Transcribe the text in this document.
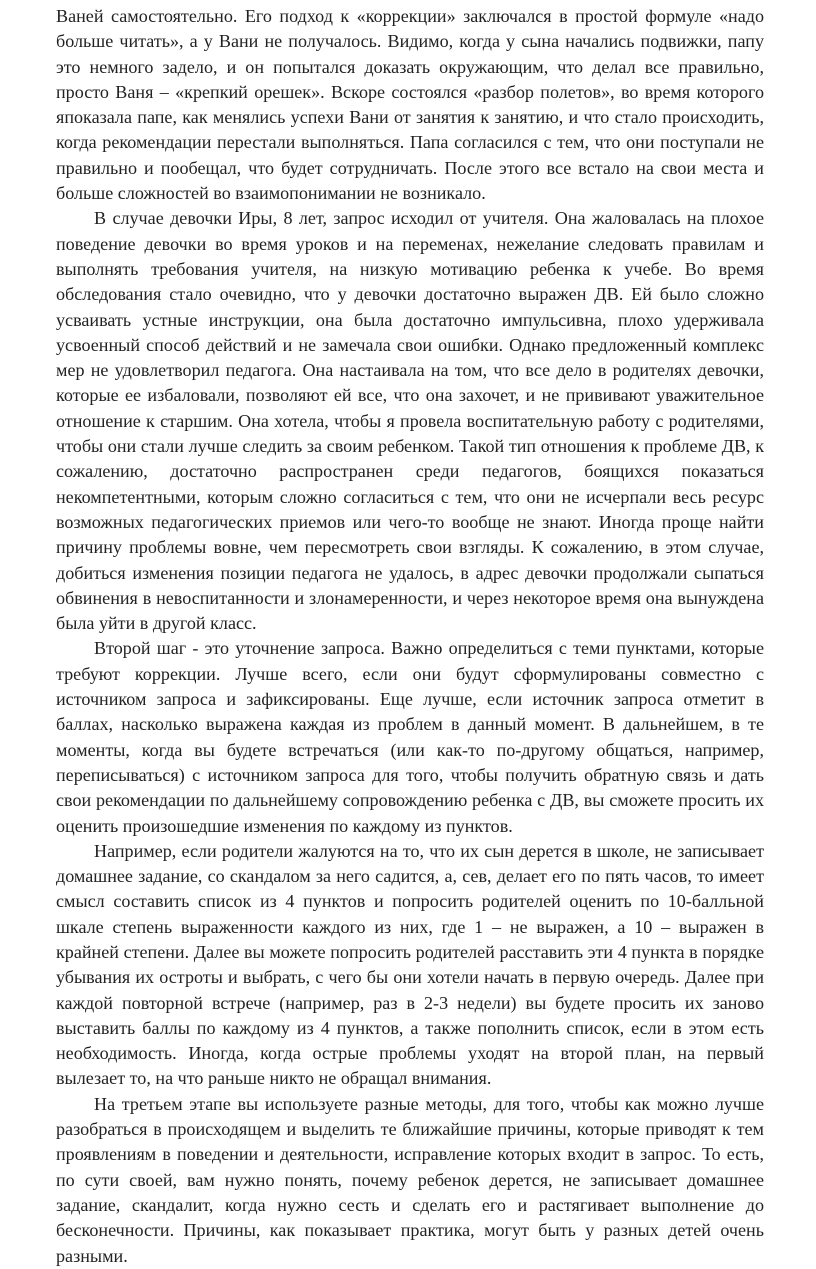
Ваней самостоятельно. Его подход к «коррекции» заключался в простой формуле «надо больше читать», а у Вани не получалось. Видимо, когда у сына начались подвижки, папу это немного задело, и он попытался доказать окружающим, что делал все правильно, просто Ваня – «крепкий орешек». Вскоре состоялся «разбор полетов», во время которого япоказала папе, как менялись успехи Вани от занятия к занятию, и что стало происходить, когда рекомендации перестали выполняться. Папа согласился с тем, что они поступали не правильно и пообещал, что будет сотрудничать. После этого все встало на свои места и больше сложностей во взаимопонимании не возникало.

В случае девочки Иры, 8 лет, запрос исходил от учителя. Она жаловалась на плохое поведение девочки во время уроков и на переменах, нежелание следовать правилам и выполнять требования учителя, на низкую мотивацию ребенка к учебе. Во время обследования стало очевидно, что у девочки достаточно выражен ДВ. Ей было сложно усваивать устные инструкции, она была достаточно импульсивна, плохо удерживала усвоенный способ действий и не замечала свои ошибки. Однако предложенный комплекс мер не удовлетворил педагога. Она настаивала на том, что все дело в родителях девочки, которые ее избаловали, позволяют ей все, что она захочет, и не прививают уважительное отношение к старшим. Она хотела, чтобы я провела воспитательную работу с родителями, чтобы они стали лучше следить за своим ребенком. Такой тип отношения к проблеме ДВ, к сожалению, достаточно распространен среди педагогов, боящихся показаться некомпетентными, которым сложно согласиться с тем, что они не исчерпали весь ресурс возможных педагогических приемов или чего-то вообще не знают. Иногда проще найти причину проблемы вовне, чем пересмотреть свои взгляды. К сожалению, в этом случае, добиться изменения позиции педагога не удалось, в адрес девочки продолжали сыпаться обвинения в невоспитанности и злонамеренности, и через некоторое время она вынуждена была уйти в другой класс.

Второй шаг - это уточнение запроса. Важно определиться с теми пунктами, которые требуют коррекции. Лучше всего, если они будут сформулированы совместно с источником запроса и зафиксированы. Еще лучше, если источник запроса отметит в баллах, насколько выражена каждая из проблем в данный момент. В дальнейшем, в те моменты, когда вы будете встречаться (или как-то по-другому общаться, например, переписываться) с источником запроса для того, чтобы получить обратную связь и дать свои рекомендации по дальнейшему сопровождению ребенка с ДВ, вы сможете просить их оценить произошедшие изменения по каждому из пунктов.

Например, если родители жалуются на то, что их сын дерется в школе, не записывает домашнее задание, со скандалом за него садится, а, сев, делает его по пять часов, то имеет смысл составить список из 4 пунктов и попросить родителей оценить по 10-балльной шкале степень выраженности каждого из них, где 1 – не выражен, а 10 – выражен в крайней степени. Далее вы можете попросить родителей расставить эти 4 пункта в порядке убывания их остроты и выбрать, с чего бы они хотели начать в первую очередь. Далее при каждой повторной встрече (например, раз в 2-3 недели) вы будете просить их заново выставить баллы по каждому из 4 пунктов, а также пополнить список, если в этом есть необходимость. Иногда, когда острые проблемы уходят на второй план, на первый вылезает то, на что раньше никто не обращал внимания.

На третьем этапе вы используете разные методы, для того, чтобы как можно лучше разобраться в происходящем и выделить те ближайшие причины, которые приводят к тем проявлениям в поведении и деятельности, исправление которых входит в запрос. То есть, по сути своей, вам нужно понять, почему ребенок дерется, не записывает домашнее задание, скандалит, когда нужно сесть и сделать его и растягивает выполнение до бесконечности. Причины, как показывает практика, могут быть у разных детей очень разными.
